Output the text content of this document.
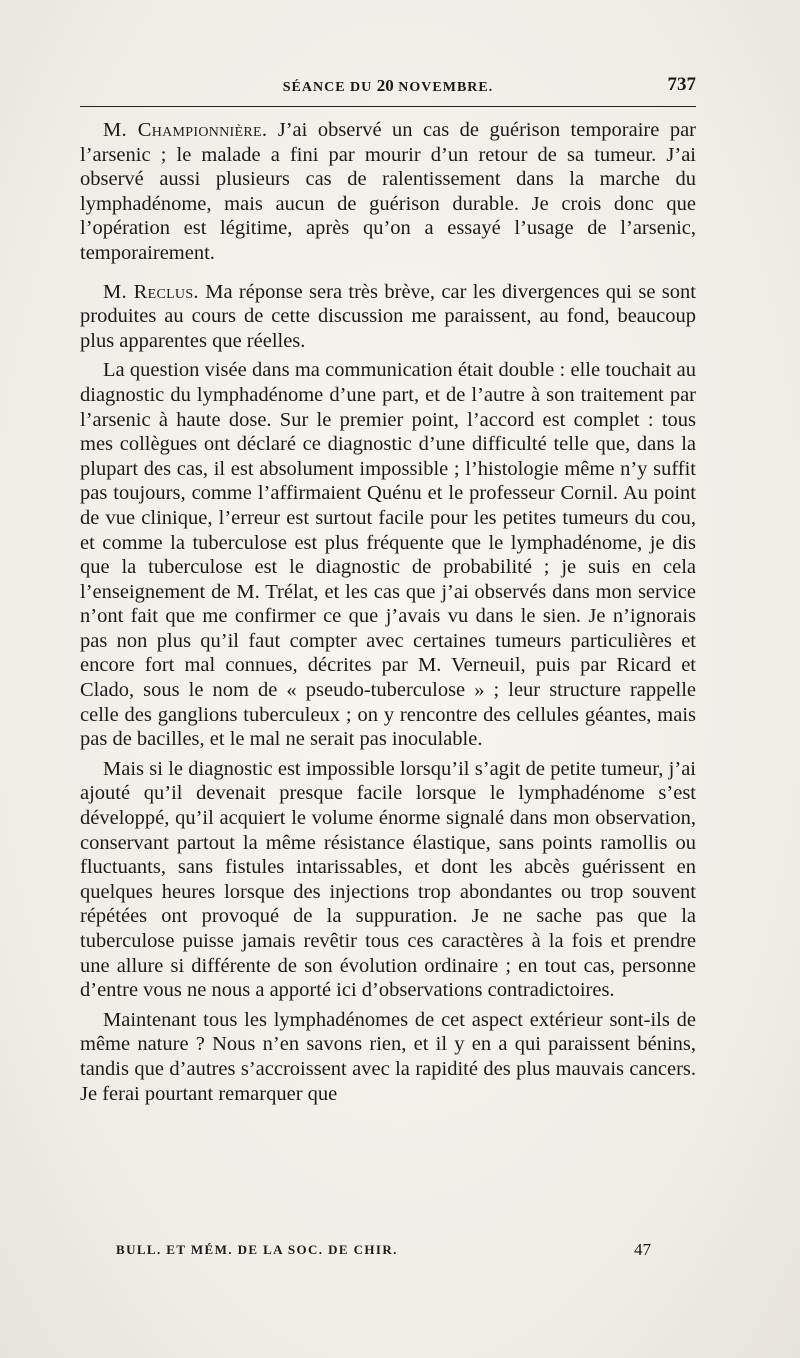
SÉANCE DU 20 NOVEMBRE.	737

M. Championnière. J’ai observé un cas de guérison temporaire par l’arsenic ; le malade a fini par mourir d’un retour de sa tumeur. J’ai observé aussi plusieurs cas de ralentissement dans la marche du lymphadénome, mais aucun de guérison durable. Je crois donc que l’opération est légitime, après qu’on a essayé l’usage de l’arsenic, temporairement.

M. Reclus. Ma réponse sera très brève, car les divergences qui se sont produites au cours de cette discussion me paraissent, au fond, beaucoup plus apparentes que réelles.

La question visée dans ma communication était double : elle touchait au diagnostic du lymphadénome d’une part, et de l’autre à son traitement par l’arsenic à haute dose. Sur le premier point, l’accord est complet : tous mes collègues ont déclaré ce diagnostic d’une difficulté telle que, dans la plupart des cas, il est absolument impossible ; l’histologie même n’y suffit pas toujours, comme l’affirmaient Quénu et le professeur Cornil. Au point de vue clinique, l’erreur est surtout facile pour les petites tumeurs du cou, et comme la tuberculose est plus fréquente que le lymphadénome, je dis que la tuberculose est le diagnostic de probabilité ; je suis en cela l’enseignement de M. Trélat, et les cas que j’ai observés dans mon service n’ont fait que me confirmer ce que j’avais vu dans le sien. Je n’ignorais pas non plus qu’il faut compter avec certaines tumeurs particulières et encore fort mal connues, décrites par M. Verneuil, puis par Ricard et Clado, sous le nom de « pseudo-tuberculose » ; leur structure rappelle celle des ganglions tuberculeux ; on y rencontre des cellules géantes, mais pas de bacilles, et le mal ne serait pas inoculable.

Mais si le diagnostic est impossible lorsqu’il s’agit de petite tumeur, j’ai ajouté qu’il devenait presque facile lorsque le lymphadénome s’est développé, qu’il acquiert le volume énorme signalé dans mon observation, conservant partout la même résistance élastique, sans points ramollis ou fluctuants, sans fistules intarissables, et dont les abcès guérissent en quelques heures lorsque des injections trop abondantes ou trop souvent répétées ont provoqué de la suppuration. Je ne sache pas que la tuberculose puisse jamais revêtir tous ces caractères à la fois et prendre une allure si différente de son évolution ordinaire ; en tout cas, personne d’entre vous ne nous a apporté ici d’observations contradictoires.

Maintenant tous les lymphadénomes de cet aspect extérieur sont-ils de même nature ? Nous n’en savons rien, et il y en a qui paraissent bénins, tandis que d’autres s’accroissent avec la rapidité des plus mauvais cancers. Je ferai pourtant remarquer que

BULL. ET MÉM. DE LA SOC. DE CHIR.	47
